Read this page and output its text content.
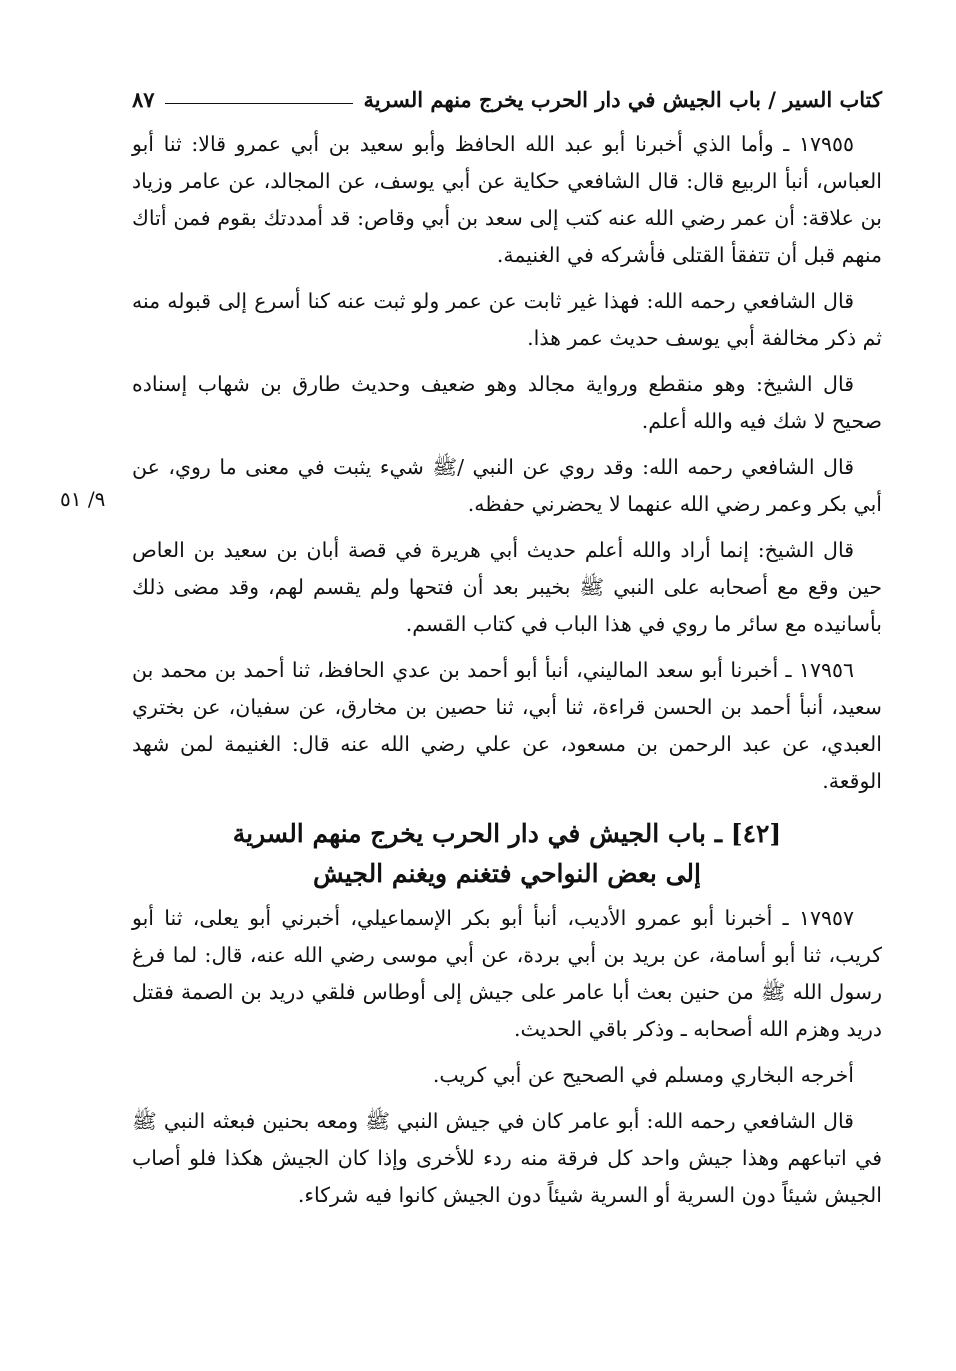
كتاب السير / باب الجيش في دار الحرب يخرج منهم السرية
٨٧
٩/ ٥١

١٧٩٥٥ ـ وأما الذي أخبرنا أبو عبد الله الحافظ وأبو سعيد بن أبي عمرو قالا: ثنا أبو العباس، أنبأ الربيع قال: قال الشافعي حكاية عن أبي يوسف، عن المجالد، عن عامر وزياد بن علاقة: أن عمر رضي الله عنه كتب إلى سعد بن أبي وقاص: قد أمددتك بقوم فمن أتاك منهم قبل أن تتفقأ القتلى فأشركه في الغنيمة.

قال الشافعي رحمه الله: فهذا غير ثابت عن عمر ولو ثبت عنه كنا أسرع إلى قبوله منه ثم ذكر مخالفة أبي يوسف حديث عمر هذا.

قال الشيخ: وهو منقطع ورواية مجالد وهو ضعيف وحديث طارق بن شهاب إسناده صحيح لا شك فيه والله أعلم.

قال الشافعي رحمه الله: وقد روي عن النبي /ﷺ شيء يثبت في معنى ما روي، عن أبي بكر وعمر رضي الله عنهما لا يحضرني حفظه.

قال الشيخ: إنما أراد والله أعلم حديث أبي هريرة في قصة أبان بن سعيد بن العاص حين وقع مع أصحابه على النبي ﷺ بخيبر بعد أن فتحها ولم يقسم لهم، وقد مضى ذلك بأسانيده مع سائر ما روي في هذا الباب في كتاب القسم.

١٧٩٥٦ ـ أخبرنا أبو سعد الماليني، أنبأ أبو أحمد بن عدي الحافظ، ثنا أحمد بن محمد بن سعيد، أنبأ أحمد بن الحسن قراءة، ثنا أبي، ثنا حصين بن مخارق، عن سفيان، عن بختري العبدي، عن عبد الرحمن بن مسعود، عن علي رضي الله عنه قال: الغنيمة لمن شهد الوقعة.

[٤٢] ـ باب الجيش في دار الحرب يخرج منهم السرية
إلى بعض النواحي فتغنم ويغنم الجيش

١٧٩٥٧ ـ أخبرنا أبو عمرو الأديب، أنبأ أبو بكر الإسماعيلي، أخبرني أبو يعلى، ثنا أبو كريب، ثنا أبو أسامة، عن بريد بن أبي بردة، عن أبي موسى رضي الله عنه، قال: لما فرغ رسول الله ﷺ من حنين بعث أبا عامر على جيش إلى أوطاس فلقي دريد بن الصمة فقتل دريد وهزم الله أصحابه ـ وذكر باقي الحديث.

أخرجه البخاري ومسلم في الصحيح عن أبي كريب.

قال الشافعي رحمه الله: أبو عامر كان في جيش النبي ﷺ ومعه بحنين فبعثه النبي ﷺ في اتباعهم وهذا جيش واحد كل فرقة منه ردء للأخرى وإذا كان الجيش هكذا فلو أصاب الجيش شيئاً دون السرية أو السرية شيئاً دون الجيش كانوا فيه شركاء.
